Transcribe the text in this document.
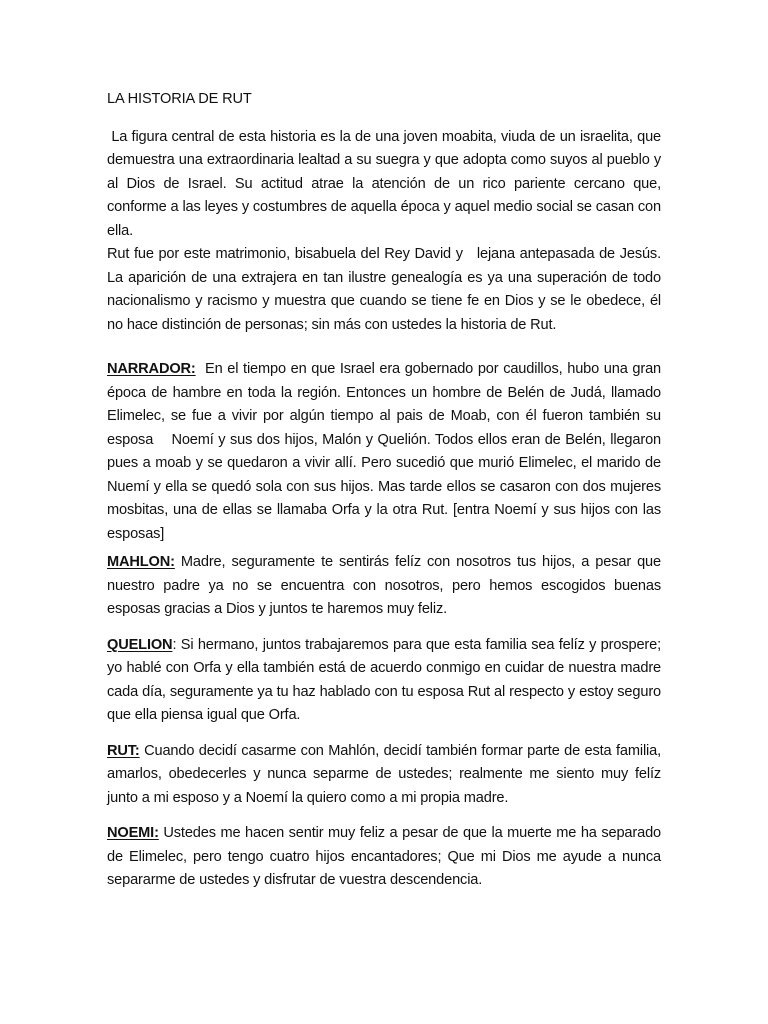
LA HISTORIA DE RUT

La figura central de esta historia es la de una joven moabita, viuda de un israelita, que demuestra una extraordinaria lealtad a su suegra y que adopta como suyos al pueblo y al Dios de Israel. Su actitud atrae la atención de un rico pariente cercano que, conforme a las leyes y costumbres de aquella época y aquel medio social se casan con ella.

Rut fue por este matrimonio, bisabuela del Rey David y   lejana antepasada de Jesús. La aparición de una extrajera en tan ilustre genealogía es ya una superación de todo nacionalismo y racismo y muestra que cuando se tiene fe en Dios y se le obedece, él no hace distinción de personas; sin más con ustedes la historia de Rut.

NARRADOR:  En el tiempo en que Israel era gobernado por caudillos, hubo una gran época de hambre en toda la región. Entonces un hombre de Belén de Judá, llamado Elimelec, se fue a vivir por algún tiempo al pais de Moab, con él fueron también su esposa    Noemí y sus dos hijos, Malón y Quelión. Todos ellos eran de Belén, llegaron pues a moab y se quedaron a vivir allí. Pero sucedió que murió Elimelec, el marido de Nuemí y ella se quedó sola con sus hijos. Mas tarde ellos se casaron con dos mujeres mosbitas, una de ellas se llamaba Orfa y la otra Rut. [entra Noemí y sus hijos con las esposas]

MAHLON: Madre, seguramente te sentirás felíz con nosotros tus hijos, a pesar que nuestro padre ya no se encuentra con nosotros, pero hemos escogidos buenas esposas gracias a Dios y juntos te haremos muy feliz.

QUELION: Si hermano, juntos trabajaremos para que esta familia sea felíz y prospere; yo hablé con Orfa y ella también está de acuerdo conmigo en cuidar de nuestra madre cada día, seguramente ya tu haz hablado con tu esposa Rut al respecto y estoy seguro que ella piensa igual que Orfa.

RUT: Cuando decidí casarme con Mahlón, decidí también formar parte de esta familia, amarlos, obedecerles y nunca separme de ustedes; realmente me siento muy felíz junto a mi esposo y a Noemí la quiero como a mi propia madre.

NOEMI: Ustedes me hacen sentir muy feliz a pesar de que la muerte me ha separado de Elimelec, pero tengo cuatro hijos encantadores; Que mi Dios me ayude a nunca separarme de ustedes y disfrutar de vuestra descendencia.
